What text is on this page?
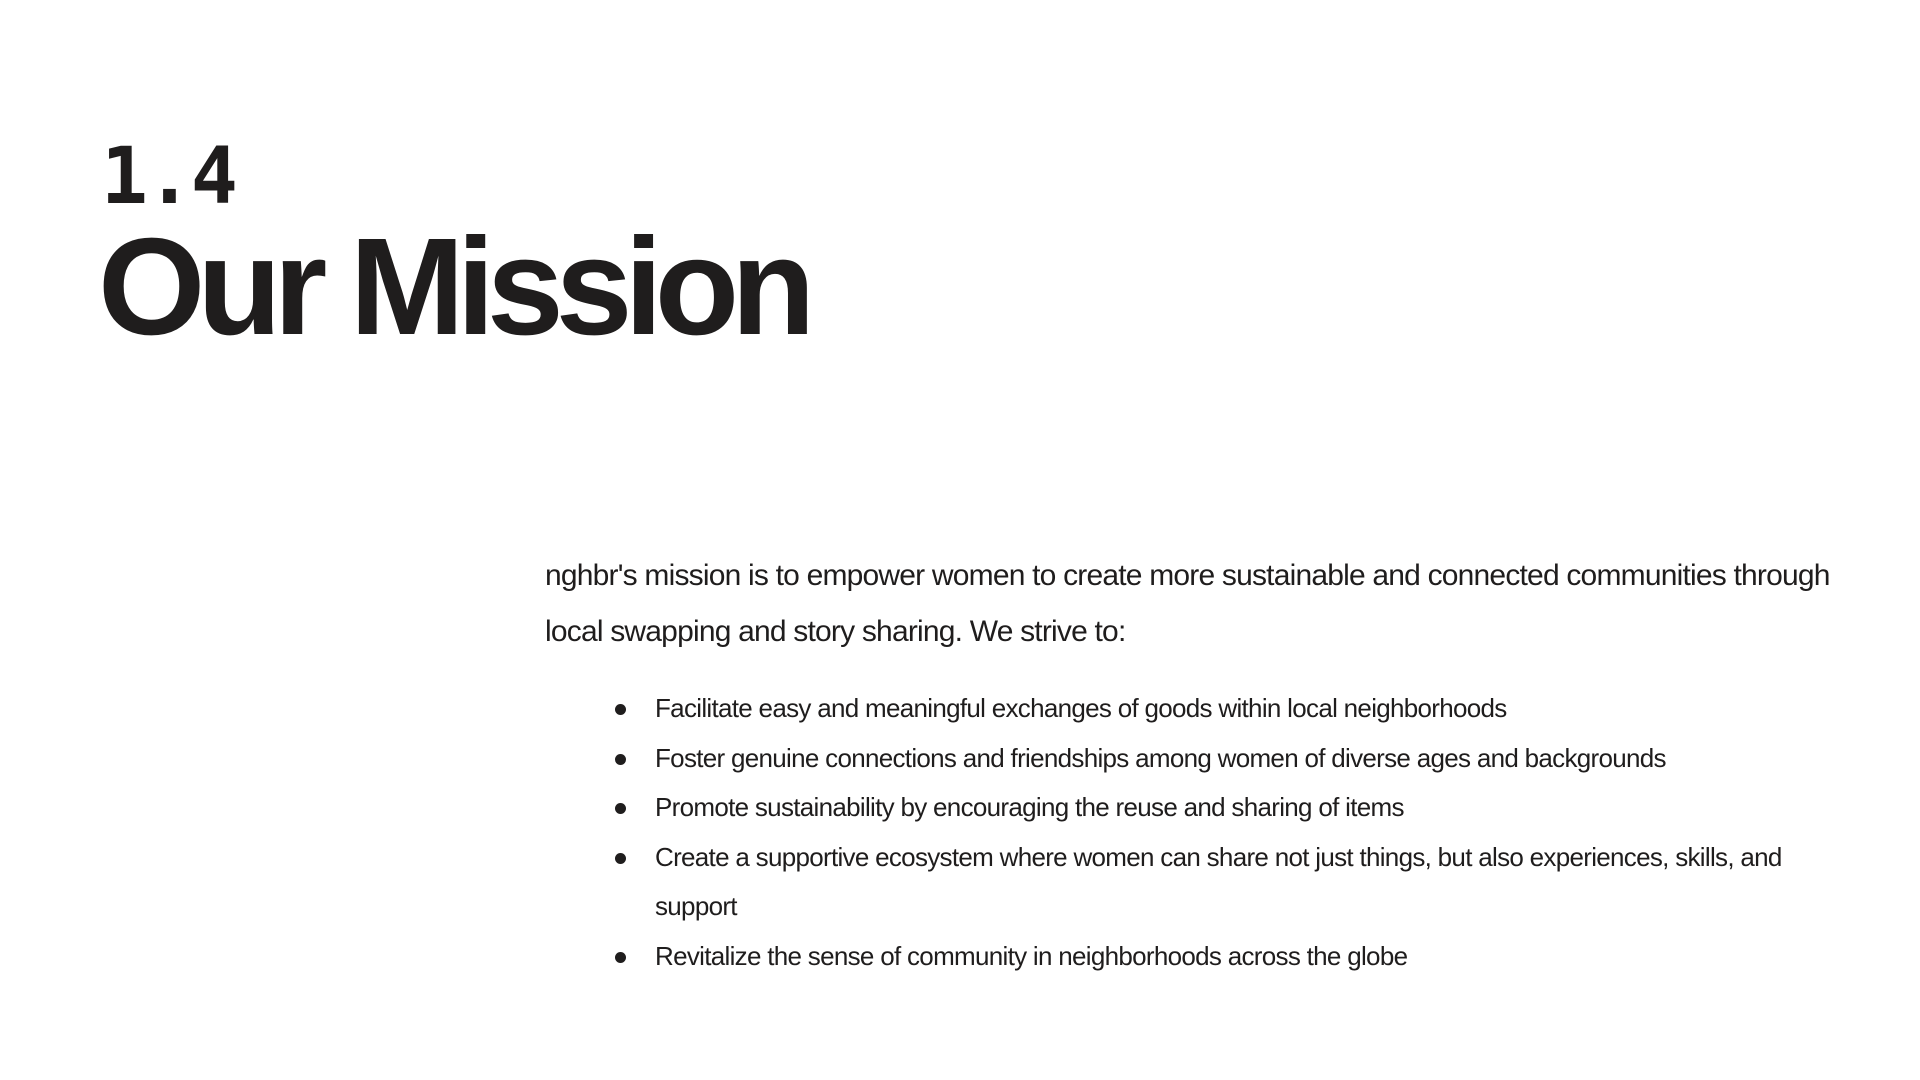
1.4
Our Mission

nghbr's mission is to empower women to create more sustainable and connected communities through local swapping and story sharing. We strive to:

Facilitate easy and meaningful exchanges of goods within local neighborhoods
Foster genuine connections and friendships among women of diverse ages and backgrounds
Promote sustainability by encouraging the reuse and sharing of items
Create a supportive ecosystem where women can share not just things, but also experiences, skills, and support
Revitalize the sense of community in neighborhoods across the globe
